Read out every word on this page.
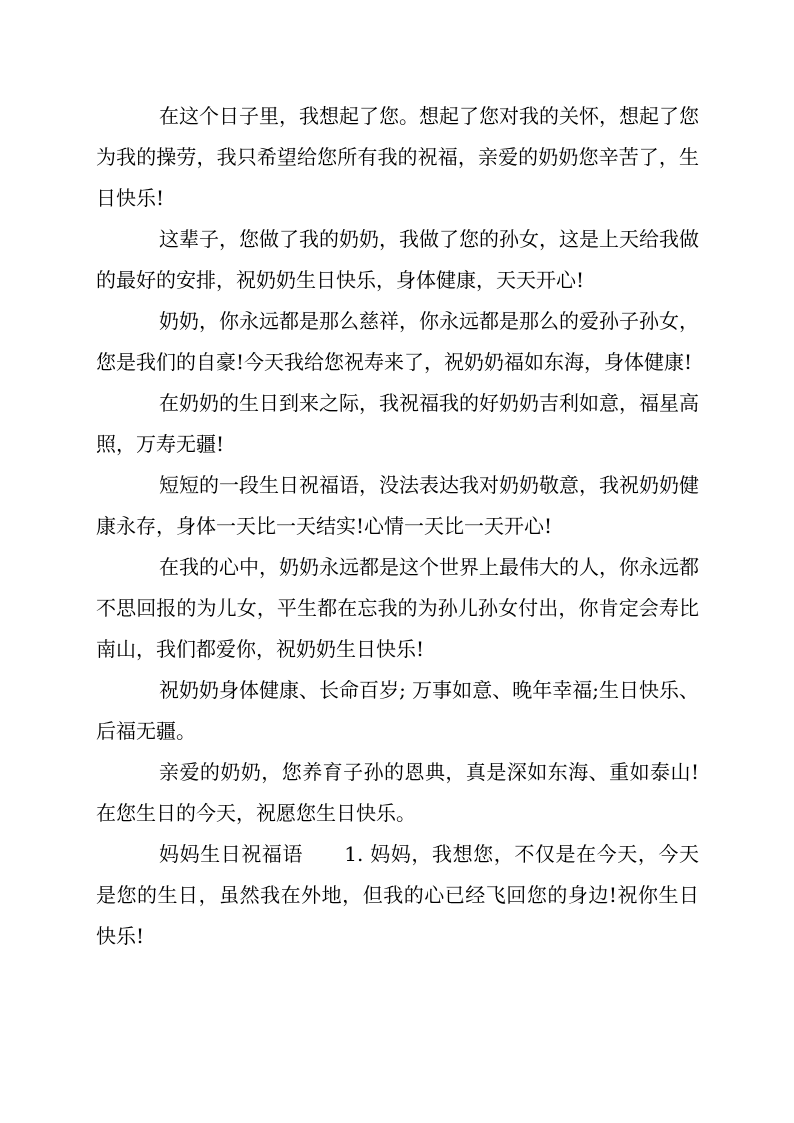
在这个日子里，我想起了您。想起了您对我的关怀，想起了您为我的操劳，我只希望给您所有我的祝福，亲爱的奶奶您辛苦了，生日快乐!

这辈子，您做了我的奶奶，我做了您的孙女，这是上天给我做的最好的安排，祝奶奶生日快乐，身体健康，天天开心!

奶奶，你永远都是那么慈祥，你永远都是那么的爱孙子孙女，您是我们的自豪!今天我给您祝寿来了，祝奶奶福如东海，身体健康!

在奶奶的生日到来之际，我祝福我的好奶奶吉利如意，福星高照，万寿无疆!

短短的一段生日祝福语，没法表达我对奶奶敬意，我祝奶奶健康永存，身体一天比一天结实!心情一天比一天开心!

在我的心中，奶奶永远都是这个世界上最伟大的人，你永远都不思回报的为儿女，平生都在忘我的为孙儿孙女付出，你肯定会寿比南山，我们都爱你，祝奶奶生日快乐!

祝奶奶身体健康、长命百岁; 万事如意、晚年幸福;生日快乐、后福无疆。

亲爱的奶奶，您养育子孙的恩典，真是深如东海、重如泰山!在您生日的今天，祝愿您生日快乐。

妈妈生日祝福语　　1. 妈妈，我想您，不仅是在今天，今天是您的生日，虽然我在外地，但我的心已经飞回您的身边!祝你生日快乐!
